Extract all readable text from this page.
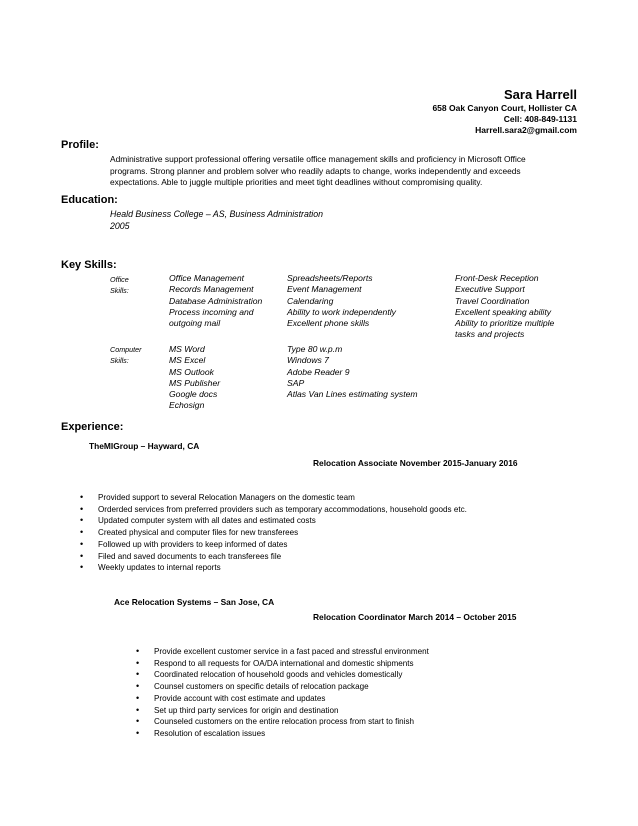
Sara Harrell
658 Oak Canyon Court, Hollister CA
Cell: 408-849-1131
Harrell.sara2@gmail.com
Profile:
Administrative support professional offering versatile office management skills and proficiency in Microsoft Office
programs. Strong planner and problem solver who readily adapts to change, works independently and exceeds
expectations. Able to juggle multiple priorities and meet tight deadlines without compromising quality.
Education:
Heald Business College – AS, Business Administration
2005
Key Skills:
Office
Skills:
Office Management
Records Management
Database Administration
Process incoming and
outgoing mail
Spreadsheets/Reports
Event Management
Calendaring
Ability to work independently
Excellent phone skills
Front-Desk Reception
Executive Support
Travel Coordination
Excellent speaking ability
Ability to prioritize multiple
tasks and projects
Computer
Skills:
MS Word
MS Excel
MS Outlook
MS Publisher
Google docs
Echosign
Type 80 w.p.m
Windows 7
Adobe Reader 9
SAP
Atlas Van Lines estimating system
Experience:
TheMIGroup – Hayward, CA
Relocation Associate November 2015-January 2016
• Provided support to several Relocation Managers on the domestic team
• Orderded services from preferred providers such as temporary accommodations, household goods etc.
• Updated computer system with all dates and estimated costs
• Created physical and computer files for new transferees
• Followed up with providers to keep informed of dates
• Filed and saved documents to each transferees file
• Weekly updates to internal reports
Ace Relocation Systems – San Jose, CA
Relocation Coordinator March 2014 – October 2015
• Provide excellent customer service in a fast paced and stressful environment
• Respond to all requests for OA/DA international and domestic shipments
• Coordinated relocation of household goods and vehicles domestically
• Counsel customers on specific details of relocation package
• Provide account with cost estimate and updates
• Set up third party services for origin and destination
• Counseled customers on the entire relocation process from start to finish
• Resolution of escalation issues
